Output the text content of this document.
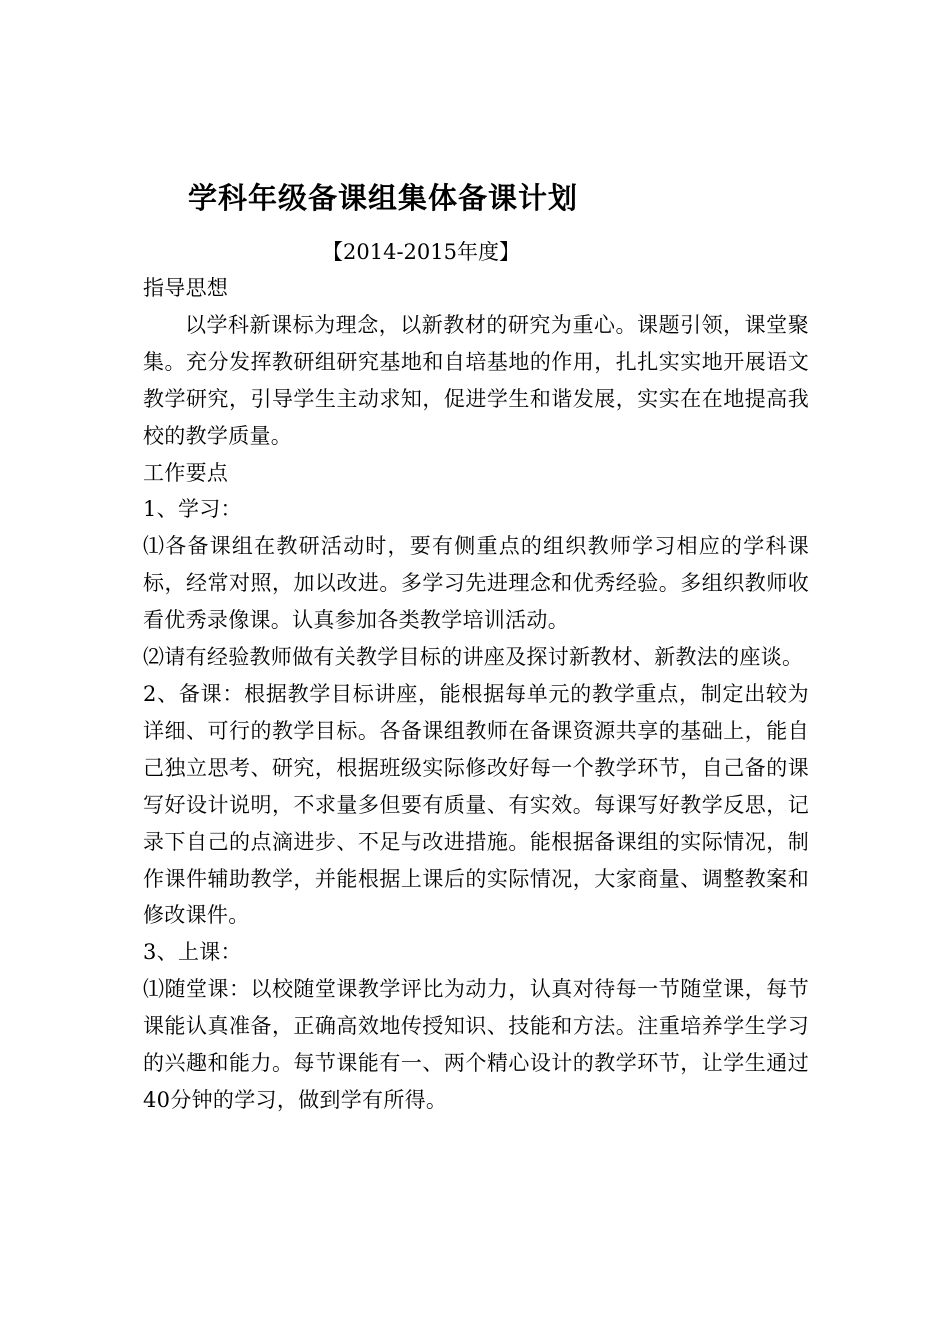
学科年级备课组集体备课计划
【2014-2015年度】

指导思想

以学科新课标为理念，以新教材的研究为重心。课题引领，课堂聚集。充分发挥教研组研究基地和自培基地的作用，扎扎实实地开展语文教学研究，引导学生主动求知，促进学生和谐发展，实实在在地提高我校的教学质量。

工作要点

1、学习：

⑴各备课组在教研活动时，要有侧重点的组织教师学习相应的学科课标，经常对照，加以改进。多学习先进理念和优秀经验。多组织教师收看优秀录像课。认真参加各类教学培训活动。

⑵请有经验教师做有关教学目标的讲座及探讨新教材、新教法的座谈。

2、备课：根据教学目标讲座，能根据每单元的教学重点，制定出较为详细、可行的教学目标。各备课组教师在备课资源共享的基础上，能自己独立思考、研究，根据班级实际修改好每一个教学环节，自己备的课写好设计说明，不求量多但要有质量、有实效。每课写好教学反思，记录下自己的点滴进步、不足与改进措施。能根据备课组的实际情况，制作课件辅助教学，并能根据上课后的实际情况，大家商量、调整教案和修改课件。

3、上课：

⑴随堂课：以校随堂课教学评比为动力，认真对待每一节随堂课，每节课能认真准备，正确高效地传授知识、技能和方法。注重培养学生学习的兴趣和能力。每节课能有一、两个精心设计的教学环节，让学生通过40分钟的学习，做到学有所得。
